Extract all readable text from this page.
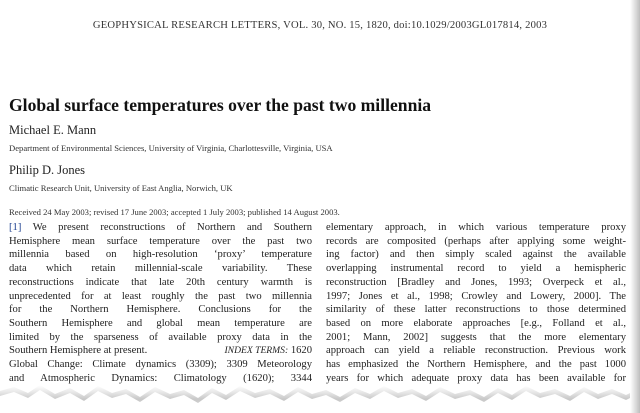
GEOPHYSICAL RESEARCH LETTERS, VOL. 30, NO. 15, 1820, doi:10.1029/2003GL017814, 2003
Global surface temperatures over the past two millennia
Michael E. Mann
Department of Environmental Sciences, University of Virginia, Charlottesville, Virginia, USA
Philip D. Jones
Climatic Research Unit, University of East Anglia, Norwich, UK
Received 24 May 2003; revised 17 June 2003; accepted 1 July 2003; published 14 August 2003.
[1] We present reconstructions of Northern and Southern
Hemisphere mean surface temperature over the past two
millennia based on high-resolution ‘proxy’ temperature
data which retain millennial-scale variability. These
reconstructions indicate that late 20th century warmth is
unprecedented for at least roughly the past two millennia
for the Northern Hemisphere. Conclusions for the
Southern Hemisphere and global mean temperature are
limited by the sparseness of available proxy data in the
Southern Hemisphere at present.	INDEX TERMS: 1620
Global Change: Climate dynamics (3309); 3309 Meteorology
and Atmospheric Dynamics: Climatology (1620); 3344
elementary approach, in which various temperature proxy
records are composited (perhaps after applying some weight-
ing factor) and then simply scaled against the available
overlapping instrumental record to yield a hemispheric
reconstruction [Bradley and Jones, 1993; Overpeck et al.,
1997; Jones et al., 1998; Crowley and Lowery, 2000]. The
similarity of these latter reconstructions to those determined
based on more elaborate approaches [e.g., Folland et al.,
2001; Mann, 2002] suggests that the more elementary
approach can yield a reliable reconstruction. Previous work
has emphasized the Northern Hemisphere, and the past 1000
years for which adequate proxy data has been available for
